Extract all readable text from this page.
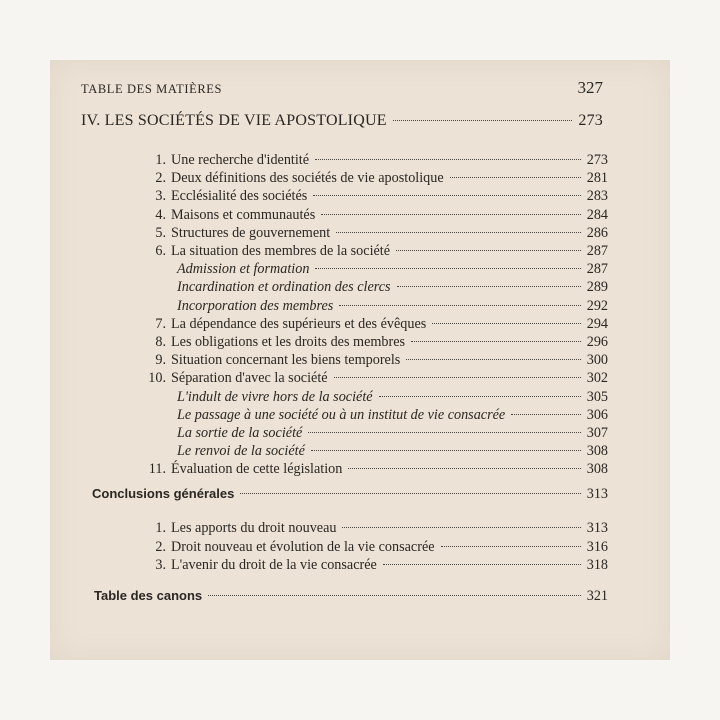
TABLE DES MATIÈRES	327
IV. LES SOCIÉTÉS DE VIE APOSTOLIQUE	273
1. Une recherche d'identité	273
2. Deux définitions des sociétés de vie apostolique	281
3. Ecclésialité des sociétés	283
4. Maisons et communautés	284
5. Structures de gouvernement	286
6. La situation des membres de la société	287
Admission et formation	287
Incardination et ordination des clercs	289
Incorporation des membres	292
7. La dépendance des supérieurs et des évêques	294
8. Les obligations et les droits des membres	296
9. Situation concernant les biens temporels	300
10. Séparation d'avec la société	302
L'indult de vivre hors de la société	305
Le passage à une société ou à un institut de vie consacrée	306
La sortie de la société	307
Le renvoi de la société	308
11. Évaluation de cette législation	308
Conclusions générales	313
1. Les apports du droit nouveau	313
2. Droit nouveau et évolution de la vie consacrée	316
3. L'avenir du droit de la vie consacrée	318
Table des canons	321
